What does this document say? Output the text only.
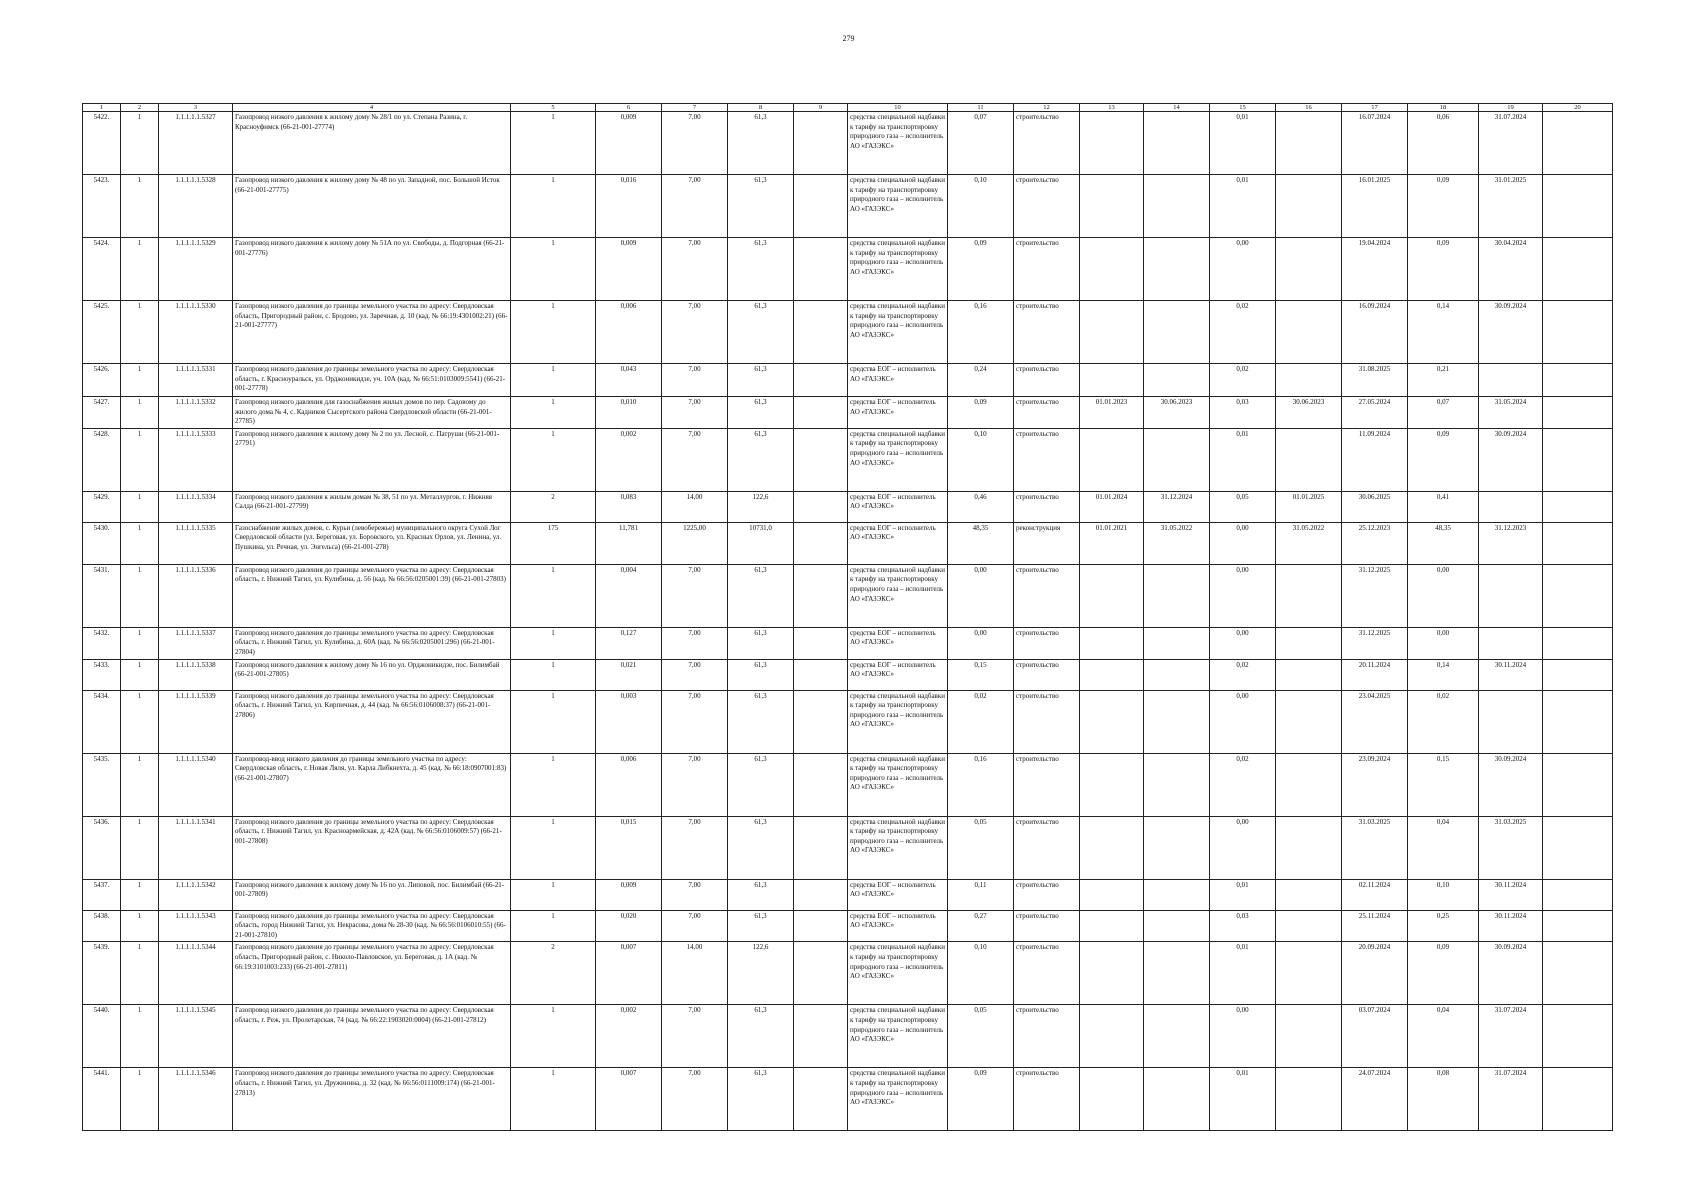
279
1	2	3	4	5	6	7	8	9	10	11	12	13	14	15	16	17	18	19	20
5422.	1	1.1.1.1.1.5327	Газопровод низкого давления к жилому дому № 28/1 по ул. Степана Разина, г. Красноуфимск (66-21-001-27774)	1	0,009	7,00	61,3		средства специальной надбавки к тарифу на транспортировку природного газа – исполнитель АО «ГАЗЭКС»	0,07	строительство			0,01		16.07.2024	0,06	31.07.2024	
5423.	1	1.1.1.1.1.5328	Газопровод низкого давления к жилому дому № 48 по ул. Западной, пос. Большой Исток (66-21-001-27775)	1	0,016	7,00	61,3		средства специальной надбавки к тарифу на транспортировку природного газа – исполнитель АО «ГАЗЭКС»	0,10	строительство			0,01		16.01.2025	0,09	31.01.2025	
5424.	1	1.1.1.1.1.5329	Газопровод низкого давления к жилому дому № 51А по ул. Свободы, д. Подгорная (66-21-001-27776)	1	0,009	7,00	61,3		средства специальной надбавки к тарифу на транспортировку природного газа – исполнитель АО «ГАЗЭКС»	0,09	строительство			0,00		19.04.2024	0,09	30.04.2024	
5425.	1	1.1.1.1.1.5330	Газопровод низкого давления до границы земельного участка по адресу: Свердловская область, Пригородный район, с. Бродово, ул. Заречная, д. 10 (кад. № 66:19:4301002:21) (66-21-001-27777)	1	0,006	7,00	61,3		средства специальной надбавки к тарифу на транспортировку природного газа – исполнитель АО «ГАЗЭКС»	0,16	строительство			0,02		16.09.2024	0,14	30.09.2024	
5426.	1	1.1.1.1.1.5331	Газопровод низкого давления до границы земельного участка по адресу: Свердловская область, г. Красноуральск, ул. Орджоникидзе, уч. 10А (кад. № 66:51:0103009:5541) (66-21-001-27778)	1	0,043	7,00	61,3		средства ЕОГ – исполнитель АО «ГАЗЭКС»	0,24	строительство			0,02		31.08.2025	0,21		
5427.	1	1.1.1.1.1.5332	Газопровод низкого давления для газоснабжения жилых домов по пер. Садовому до жилого дома № 4, с. Кадников Сысертского района Свердловской области (66-21-001-27785)	1	0,010	7,00	61,3		средства ЕОГ – исполнитель АО «ГАЗЭКС»	0,09	строительство	01.01.2023	30.06.2023	0,03	30.06.2023	27.05.2024	0,07	31.05.2024	
5428.	1	1.1.1.1.1.5333	Газопровод низкого давления к жилому дому № 2 по ул. Лесной, с. Патруши (66-21-001-27791)	1	0,002	7,00	61,3		средства специальной надбавки к тарифу на транспортировку природного газа – исполнитель АО «ГАЗЭКС»	0,10	строительство			0,01		11.09.2024	0,09	30.09.2024	
5429.	1	1.1.1.1.1.5334	Газопровод низкого давления к жилым домам № 38, 51 по ул. Металлургов, г. Нижняя Салда (66-21-001-27799)	2	0,083	14,00	122,6		средства ЕОГ – исполнитель АО «ГАЗЭКС»	0,46	строительство	01.01.2024	31.12.2024	0,05	01.01.2025	30.06.2025	0,41		
5430.	1	1.1.1.1.1.5335	Газоснабжение жилых домов, с. Курьи (левобережье) муниципального округа Сухой Лог Свердловской области (ул. Береговая, ул. Боровского, ул. Красных Орлов, ул. Ленина, ул. Пушкина, ул. Речная, ул. Энгельса) (66-21-001-278)	175	11,781	1225,00	10731,0		средства ЕОГ – исполнитель АО «ГАЗЭКС»	48,35	реконструкция	01.01.2021	31.05.2022	0,00	31.05.2022	25.12.2023	48,35	31.12.2023	
5431.	1	1.1.1.1.1.5336	Газопровод низкого давления до границы земельного участка по адресу: Свердловская область, г. Нижний Тагил, ул. Кулибина, д. 56 (кад. № 66:56:0205001:39) (66-21-001-27803)	1	0,004	7,00	61,3		средства специальной надбавки к тарифу на транспортировку природного газа – исполнитель АО «ГАЗЭКС»	0,00	строительство			0,00		31.12.2025	0,00		
5432.	1	1.1.1.1.1.5337	Газопровод низкого давления до границы земельного участка по адресу: Свердловская область, г. Нижний Тагил, ул. Кулибина, д. 60А (кад. № 66:56:0205001:296) (66-21-001-27804)	1	0,127	7,00	61,3		средства ЕОГ – исполнитель АО «ГАЗЭКС»	0,00	строительство			0,00		31.12.2025	0,00		
5433.	1	1.1.1.1.1.5338	Газопровод низкого давления к жилому дому № 16 по ул. Орджоникидзе, пос. Билимбай (66-21-001-27805)	1	0,021	7,00	61,3		средства ЕОГ – исполнитель АО «ГАЗЭКС»	0,15	строительство			0,02		20.11.2024	0,14	30.11.2024	
5434.	1	1.1.1.1.1.5339	Газопровод низкого давления до границы земельного участка по адресу: Свердловская область, г. Нижний Тагил, ул. Кирпичная, д. 44 (кад. № 66:56:0106008:37) (66-21-001-27806)	1	0,003	7,00	61,3		средства специальной надбавки к тарифу на транспортировку природного газа – исполнитель АО «ГАЗЭКС»	0,02	строительство			0,00		23.04.2025	0,02		
5435.	1	1.1.1.1.1.5340	Газопровод-ввод низкого давления до границы земельного участка по адресу: Свердловская область, г. Новая Ляля, ул. Карла Либкнехта, д. 45 (кад. № 66:18:0907001:83) (66-21-001-27807)	1	0,006	7,00	61,3		средства специальной надбавки к тарифу на транспортировку природного газа – исполнитель АО «ГАЗЭКС»	0,16	строительство			0,02		23.09.2024	0,15	30.09.2024	
5436.	1	1.1.1.1.1.5341	Газопровод низкого давления до границы земельного участка по адресу: Свердловская область, г. Нижний Тагил, ул. Красноармейская, д. 42А (кад. № 66:56:0106009:57) (66-21-001-27808)	1	0,015	7,00	61,3		средства специальной надбавки к тарифу на транспортировку природного газа – исполнитель АО «ГАЗЭКС»	0,05	строительство			0,00		31.03.2025	0,04	31.03.2025	
5437.	1	1.1.1.1.1.5342	Газопровод низкого давления к жилому дому № 16 по ул. Липовой, пос. Билимбай (66-21-001-27809)	1	0,009	7,00	61,3		средства ЕОГ – исполнитель АО «ГАЗЭКС»	0,11	строительство			0,01		02.11.2024	0,10	30.11.2024	
5438.	1	1.1.1.1.1.5343	Газопровод низкого давления до границы земельного участка по адресу: Свердловская область, город Нижний Тагил, ул. Некрасова, дома № 28-30 (кад. № 66:56:0106010:55) (66-21-001-27810)	1	0,020	7,00	61,3		средства ЕОГ – исполнитель АО «ГАЗЭКС»	0,27	строительство			0,03		25.11.2024	0,25	30.11.2024	
5439.	1	1.1.1.1.1.5344	Газопровод низкого давления до границы земельного участка по адресу: Свердловская область, Пригородный район, с. Николо-Павловское, ул. Береговая, д. 1А (кад. № 66:19:3101003:233) (66-21-001-27811)	2	0,007	14,00	122,6		средства специальной надбавки к тарифу на транспортировку природного газа – исполнитель АО «ГАЗЭКС»	0,10	строительство			0,01		20.09.2024	0,09	30.09.2024	
5440.	1	1.1.1.1.1.5345	Газопровод низкого давления до границы земельного участка по адресу: Свердловская область, г. Реж, ул. Пролетарская, 74 (кад. № 66:22:1903020:0004) (66-21-001-27812)	1	0,002	7,00	61,3		средства специальной надбавки к тарифу на транспортировку природного газа – исполнитель АО «ГАЗЭКС»	0,05	строительство			0,00		03.07.2024	0,04	31.07.2024	
5441.	1	1.1.1.1.1.5346	Газопровод низкого давления до границы земельного участка по адресу: Свердловская область, г. Нижний Тагил, ул. Дружинина, д. 32 (кад. № 66:56:0111009:174) (66-21-001-27813)	1	0,007	7,00	61,3		средства специальной надбавки к тарифу на транспортировку природного газа – исполнитель АО «ГАЗЭКС»	0,09	строительство			0,01		24.07.2024	0,08	31.07.2024	
